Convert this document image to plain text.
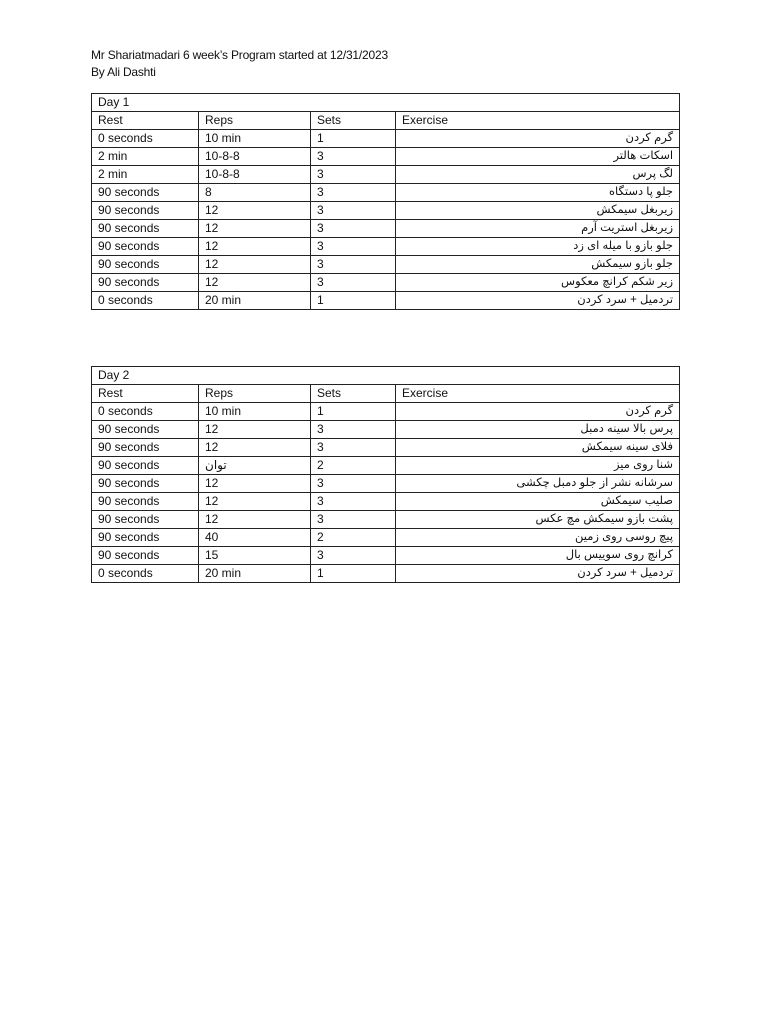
Mr Shariatmadari 6 week’s Program started at 12/31/2023
By Ali Dashti
Day 1			
Rest	Reps	Sets	Exercise
0 seconds	10 min	1	گرم کردن
2 min	10-8-8	3	اسکات هالتر
2 min	10-8-8	3	لگ پرس
90 seconds	8	3	جلو پا دستگاه
90 seconds	12	3	زیربغل سیمکش
90 seconds	12	3	زیربغل استریت آرم
90 seconds	12	3	جلو بازو با میله ای زد
90 seconds	12	3	جلو بازو سیمکش
90 seconds	12	3	زیر شکم کرانچ معکوس
0 seconds	20 min	1	تردمیل + سرد کردن
Day 2			
Rest	Reps	Sets	Exercise
0 seconds	10 min	1	گرم کردن
90 seconds	12	3	پرس بالا سینه دمبل
90 seconds	12	3	فلای سینه سیمکش
90 seconds	توان	2	شنا روی میز
90 seconds	12	3	سرشانه نشر از جلو دمبل چکشی
90 seconds	12	3	صلیب سیمکش
90 seconds	12	3	پشت بازو سیمکش مچ عکس
90 seconds	40	2	پیچ روسی روی زمین
90 seconds	15	3	کرانچ روی سوییس بال
0 seconds	20 min	1	تردمیل + سرد کردن
